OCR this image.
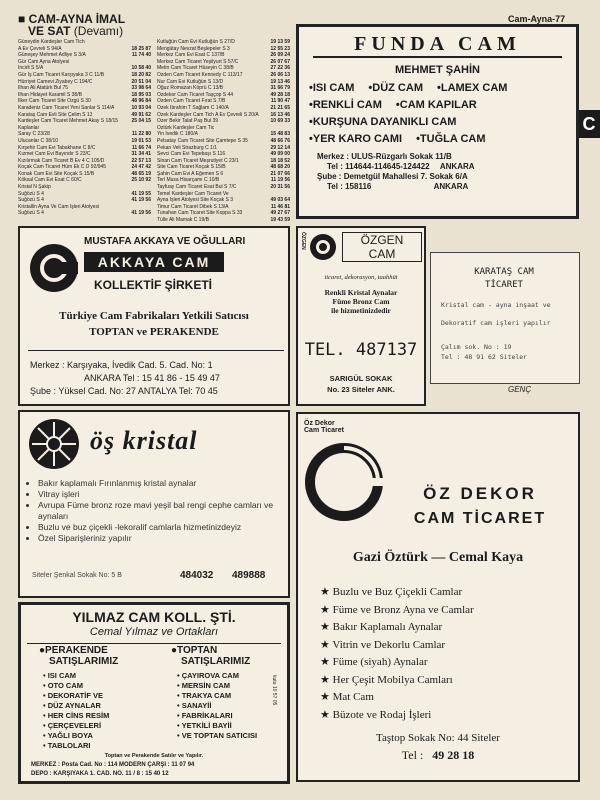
Cam-Ayna-77
C
■ CAM-AYNA İMAL
VE SAT (Devamı)
Güneydin Kardeşler Cam Tich
A Ev Çevreli S 94/A	18 25 87
Güneşey Mehmet Adliye S 3/A	11 74 40
Gür Cam Ayna Atolyesi
İncirli S 5/A	10 58 40
Gür İş Cam Ticaret Karşıyaka 3 C 11/B	18 20 82
Hürriyet Camevi Ziyabey C 194/C	20 51 04
İlhan Ali Atatürk Bul 75	33 98 64
İlhan Hidayet Karamil S 38/B	18 95 03
İlker Cam Ticaret Site Özgü S 30	48 96 84
Karadeniz Cam Ticaret Yeni Sanlar S 114/A	10 93 04
Karataş Cam Evli Site Çelim S 13	49 91 62
Kardeşler Cam Ticaret Mehmet Akay S 18/15	25 04 15
Kaplanlar
Saray C 23/28	11 22 80
Ulucanlar C 38/10	19 01 53
Kırşehir Cam Evi Tabakhane C 8/C	11 66 74
Kızmet Cam Evi Bayındır S 23/C	31 34 41
Kızılırmak Cam Ticaret B Ev 4 C 105/D	22 57 13
Koçak Cam Ticaret Hüm Ek C D 92/945	24 47 42
Konak Cam Evi Site Koçak S 15/B	48 65 19
Köksal Cam Evi Esat C 60/C	25 10 92
Kristal N Şakip
Suğözü S 4	41 19 55
Suğözü S 4	41 19 56
Kristallin Ayna Ve Cam İşleri Atolyesi
Suğözü S 4	41 19 56
Kutluğün Cam Evi Kutluğün S 27/D	19 13 59
Mengütay Nevzat Beşlepeler S 3	12 55 23
Merkez Cam Evi Esat C 137/B	26 09 24
Merkez Cam Ticaret Yeşilyurt S 57/C	26 07 67
Metin Cam Ticaret Hüseyin C 38/B	27 22 36
Özden Cam Ticaret Kennedy C 113/17	26 06 13
Nur Cam Evi Kutluğün S 13/D	19 13 46
Oğuz Romazan Köprü C 13/B	31 66 79
Özdekor Cam Ticaret Taşçop S 44	49 28 18
Özden Cam Ticaret Fırat S 7/B	11 90 47
Özek İbrahim T Sağlam C 140/A	21 21 65
Özek Kardeşler Cam Tich A Ev Çevreli S 20/A 16 13 46
Özer Bekir Talat Paş Bul 39	10 69 33
Öztürk Kardeşler Cam Tic
Yin İvedik C 180/A	15 48 83
Pelsatay Cam Ticaret Site Çamtepe S 35	48 66 76
Pekan Veli Strazburg C 1/1	29 12 14
Sevci Cam Evi Tepebaşı S 116	49 09 00
Sinan Cam Ticaret Meşrutiyet C 23/1	18 18 52
Site Cam Ticaret Koçak S 15/B	48 68 20
Şahin Cam Evi A Eğemen S 6	21 07 66
Terl Musa Hisarçamı C 10/B	11 19 56
Tayfuay Cam Ticaret Esat Bul S 7/C	20 31 56
Temel Kardeşler Cam Ticaret Ve
Ayna İşleri Atolyesi Site Koçak S 3	49 03 64
Timur Cam Ticaret Dibek S 13/A	11 46 81
Tunahan Cam Ticaret Site Koppa S 33	49 27 67
Tülle Ali Mamak C 19/B	19 43 59
FUNDA CAM
MEHMET ŞAHİN
•ISI CAM •DÜZ CAM •LAMEX CAM
•RENKLİ CAM •CAM KAPILAR
•KURŞUNA DAYANIKLI CAM
•YER KARO CAMI •TUĞLA CAM
Merkez : ULUS-Rüzgarlı Sokak 11/B
Tel : 114644-114645-124422 ANKARA
Şube : Demetgül Mahallesi 7. Sokak 6/A
Tel : 158116	ANKARA
MUSTAFA AKKAYA VE OĞULLARI
AKKAYA CAM
KOLLEKTİF ŞİRKETİ
Türkiye Cam Fabrikaları Yetkili Satıcısı
TOPTAN ve PERAKENDE
Merkez : Karşıyaka, İvedik Cad. 5. Cad. No: 1
ANKARA Tel : 15 41 86 - 15 49 47
Şube : Yüksel Cad. No: 27 ANTALYA Tel: 70 45
ÖZGEN	ÖZGEN
CAM
ticaret, dekorasyon, taahhüt
Renkli Kristal Aynalar
Füme Bronz Cam
ile hizmetinizdedir
TEL. 487137
SARIGÜL SOKAK
No. 23 Siteler ANK.
KARATAŞ CAM
TİCARET
Kristal cam - ayna inşaat ve
Dekoratif cam işleri yapılır
Çalım sok. No : 19
Tel : 48 91 62 Siteler
GENÇ
öş kristal
• Bakır kaplamalı Fırınlanmış kristal aynalar
• Vitray işleri
• Avrupa Füme bronz roze mavi yeşil bal rengi cephe camları ve aynaları
• Buzlu ve buz çiçekli -lekoralif camlarla hizmetinizdeyiz
• Özel Siparişleriniz yapılır
Siteler Şenkal Sokak No: 5 B	484032 489888
Öz Dekor
Cam Ticaret
ÖZ DEKOR
CAM TİCARET
Gazi Öztürk — Cemal Kaya
★ Buzlu ve Buz Çiçekli Camlar
★ Füme ve Bronz Ayna ve Camlar
★ Bakır Kaplamalı Aynalar
★ Vitrin ve Dekorlu Camlar
★ Füme (siyah) Aynalar
★ Her Çeşit Mobilya Camları
★ Mat Cam
★ Büzote ve Rodaj İşleri
Taştop Sokak No: 44 Siteler
Tel : 49 28 18
YILMAZ CAM KOLL. ŞTİ.
Cemal Yılmaz ve Ortakları
●PERAKENDE
SATIŞLARIMIZ
●TOPTAN
SATIŞLARIMIZ
• ISI CAM
• OTO CAM
• DEKORATİF VE
• DÜZ AYNALAR
• HER CİNS RESİM
• ÇERÇEVELERİ
• YAĞLI BOYA
• TABLOLARI
• ÇAYIROVA CAM
• MERSİN CAM
• TRAKYA CAM
• SANAYİİ
• FABRİKALARI
• YETKİLİ BAYİİ
• VE TOPTAN SATICISI
kutu 10 57 05
Toptan ve Perakende Satılır ve Yapılır.
MERKEZ : Posta Cad. No : 114 MODERN ÇARŞI : 11 07 94
DEPO : KARŞIYAKA 1. CAD. NO. 11 / 8 : 15 40 12
